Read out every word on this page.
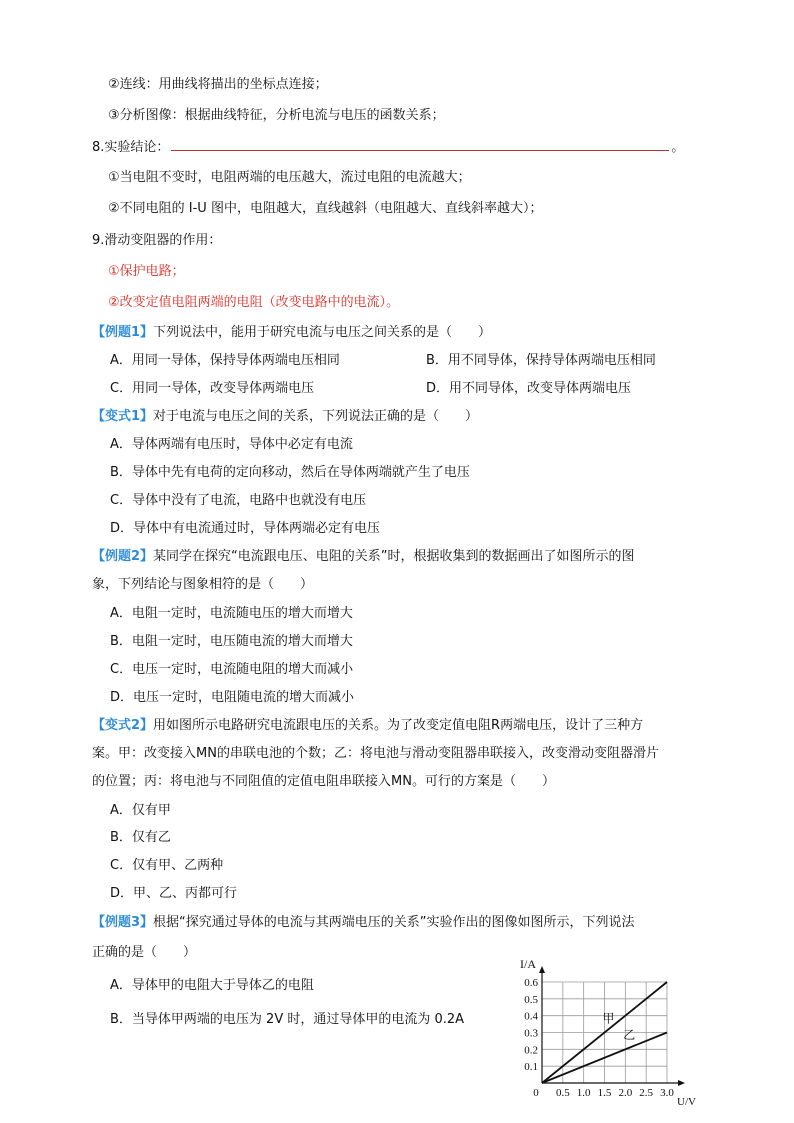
②连线：用曲线将描出的坐标点连接；
③分析图像：根据曲线特征，分析电流与电压的函数关系；
8.实验结论：	。
①当电阻不变时，电阻两端的电压越大，流过电阻的电流越大；
②不同电阻的 I-U 图中，电阻越大，直线越斜（电阻越大、直线斜率越大）；
9.滑动变阻器的作用：
①保护电路；
②改变定值电阻两端的电阻（改变电路中的电流）。
【例题1】下列说法中，能用于研究电流与电压之间关系的是（　　）
A．用同一导体，保持导体两端电压相同	B．用不同导体，保持导体两端电压相同
C．用同一导体，改变导体两端电压	D．用不同导体，改变导体两端电压
【变式1】对于电流与电压之间的关系，下列说法正确的是（　　）
A．导体两端有电压时，导体中必定有电流
B．导体中先有电荷的定向移动，然后在导体两端就产生了电压
C．导体中没有了电流，电路中也就没有电压
D．导体中有电流通过时，导体两端必定有电压
【例题2】某同学在探究“电流跟电压、电阻的关系”时，根据收集到的数据画出了如图所示的图
象，下列结论与图象相符的是（　　）
A．电阻一定时，电流随电压的增大而增大
B．电阻一定时，电压随电流的增大而增大
C．电压一定时，电流随电阻的增大而减小
D．电压一定时，电阻随电流的增大而减小
【变式2】用如图所示电路研究电流跟电压的关系。为了改变定值电阻R两端电压，设计了三种方
案。甲：改变接入MN的串联电池的个数；乙：将电池与滑动变阻器串联接入，改变滑动变阻器滑片
的位置；丙：将电池与不同阻值的定值电阻串联接入MN。可行的方案是（　　）
A．仅有甲
B．仅有乙
C．仅有甲、乙两种
D．甲、乙、丙都可行
【例题3】根据“探究通过导体的电流与其两端电压的关系”实验作出的图像如图所示，下列说法
正确的是（　　）
A．导体甲的电阻大于导体乙的电阻
B．当导体甲两端的电压为 2V 时，通过导体甲的电流为 0.2A
0 0.5 1.0 1.5 2.0 2.5 3.0
0.1
0.2
0.3
0.4
0.5
0.6
I/A
U/V
甲
乙
